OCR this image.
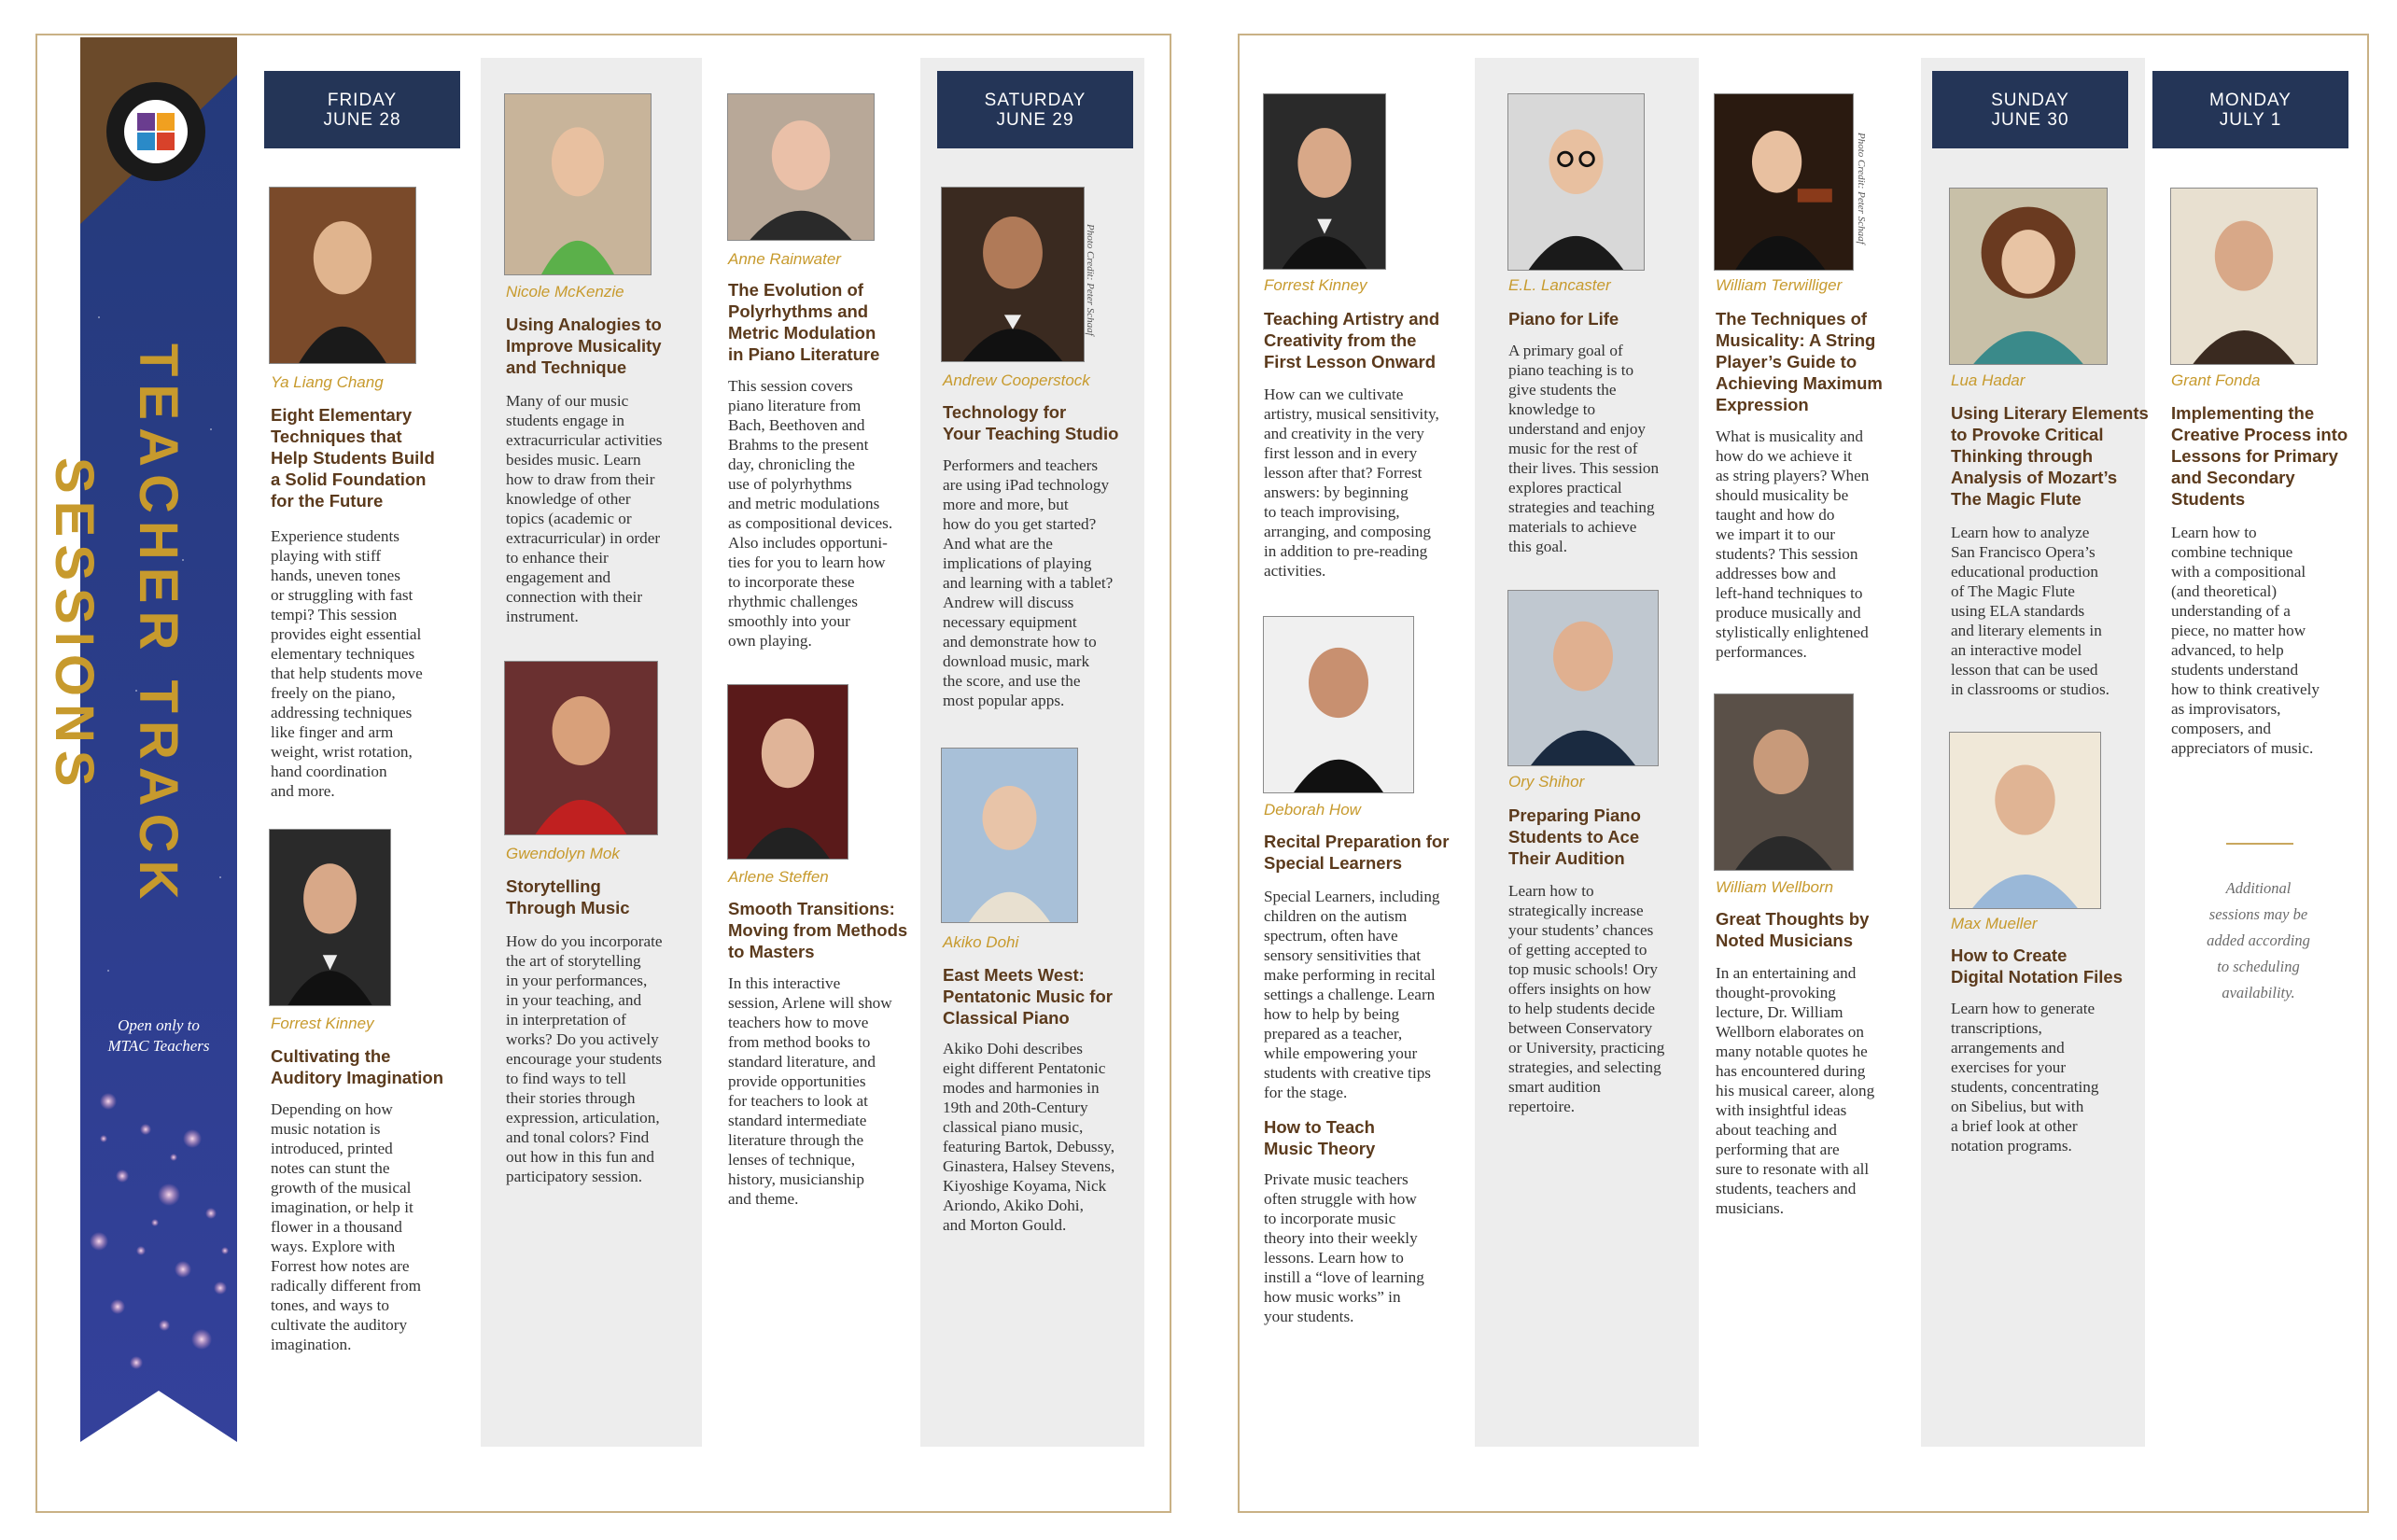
TEACHER TRACK SESSIONS
Open only to
MTAC Teachers
FRIDAY
JUNE 28
SATURDAY
JUNE 29
SUNDAY
JUNE 30
MONDAY
JULY 1
Photo Credit: Peter Schaaf
Photo Credit: Peter Schaaf
Ya Liang Chang
Eight Elementary
Techniques that
Help Students Build
a Solid Foundation
for the Future
Experience students
playing with stiff
hands, uneven tones
or struggling with fast
tempi? This session
provides eight essential
elementary techniques
that help students move
freely on the piano,
addressing techniques
like finger and arm
weight, wrist rotation,
hand coordination
and more.
Forrest Kinney
Cultivating the
Auditory Imagination
Depending on how
music notation is
introduced, printed
notes can stunt the
growth of the musical
imagination, or help it
flower in a thousand
ways. Explore with
Forrest how notes are
radically different from
tones, and ways to
cultivate the auditory
imagination.
Nicole McKenzie
Using Analogies to
Improve Musicality
and Technique
Many of our music
students engage in
extracurricular activities
besides music. Learn
how to draw from their
knowledge of other
topics (academic or
extracurricular) in order
to enhance their
engagement and
connection with their
instrument.
Gwendolyn Mok
Storytelling
Through Music
How do you incorporate
the art of storytelling
in your performances,
in your teaching, and
in interpretation of
works? Do you actively
encourage your students
to find ways to tell
their stories through
expression, articulation,
and tonal colors? Find
out how in this fun and
participatory session.
Anne Rainwater
The Evolution of
Polyrhythms and
Metric Modulation
in Piano Literature
This session covers
piano literature from
Bach, Beethoven and
Brahms to the present
day, chronicling the
use of polyrhythms
and metric modulations
as compositional devices.
Also includes opportuni-
ties for you to learn how
to incorporate these
rhythmic challenges
smoothly into your
own playing.
Arlene Steffen
Smooth Transitions:
Moving from Methods
to Masters
In this interactive
session, Arlene will show
teachers how to move
from method books to
standard literature, and
provide opportunities
for teachers to look at
standard intermediate
literature through the
lenses of technique,
history, musicianship
and theme.
Andrew Cooperstock
Technology for
Your Teaching Studio
Performers and teachers
are using iPad technology
more and more, but
how do you get started?
And what are the
implications of playing
and learning with a tablet?
Andrew will discuss
necessary equipment
and demonstrate how to
download music, mark
the score, and use the
most popular apps.
Akiko Dohi
East Meets West:
Pentatonic Music for
Classical Piano
Akiko Dohi describes
eight different Pentatonic
modes and harmonies in
19th and 20th-Century
classical piano music,
featuring Bartok, Debussy,
Ginastera, Halsey Stevens,
Kiyoshige Koyama, Nick
Ariondo, Akiko Dohi,
and Morton Gould.
Forrest Kinney
Teaching Artistry and
Creativity from the
First Lesson Onward
How can we cultivate
artistry, musical sensitivity,
and creativity in the very
first lesson and in every
lesson after that? Forrest
answers: by beginning
to teach improvising,
arranging, and composing
in addition to pre-reading
activities.
Deborah How
Recital Preparation for
Special Learners
Special Learners, including
children on the autism
spectrum, often have
sensory sensitivities that
make performing in recital
settings a challenge. Learn
how to help by being
prepared as a teacher,
while empowering your
students with creative tips
for the stage.
How to Teach
Music Theory
Private music teachers
often struggle with how
to incorporate music
theory into their weekly
lessons. Learn how to
instill a “love of learning
how music works” in
your students.
E.L. Lancaster
Piano for Life
A primary goal of
piano teaching is to
give students the
knowledge to
understand and enjoy
music for the rest of
their lives. This session
explores practical
strategies and teaching
materials to achieve
this goal.
Ory Shihor
Preparing Piano
Students to Ace
Their Audition
Learn how to
strategically increase
your students’ chances
of getting accepted to
top music schools! Ory
offers insights on how
to help students decide
between Conservatory
or University, practicing
strategies, and selecting
smart audition
repertoire.
William Terwilliger
The Techniques of
Musicality: A String
Player’s Guide to
Achieving Maximum
Expression
What is musicality and
how do we achieve it
as string players? When
should musicality be
taught and how do
we impart it to our
students? This session
addresses bow and
left-hand techniques to
produce musically and
stylistically enlightened
performances.
William Wellborn
Great Thoughts by
Noted Musicians
In an entertaining and
thought-provoking
lecture, Dr. William
Wellborn elaborates on
many notable quotes he
has encountered during
his musical career, along
with insightful ideas
about teaching and
performing that are
sure to resonate with all
students, teachers and
musicians.
Lua Hadar
Using Literary Elements
to Provoke Critical
Thinking through
Analysis of Mozart’s
The Magic Flute
Learn how to analyze
San Francisco Opera’s
educational production
of The Magic Flute
using ELA standards
and literary elements in
an interactive model
lesson that can be used
in classrooms or studios.
Max Mueller
How to Create
Digital Notation Files
Learn how to generate
transcriptions,
arrangements and
exercises for your
students, concentrating
on Sibelius, but with
a brief look at other
notation programs.
Grant Fonda
Implementing the
Creative Process into
Lessons for Primary
and Secondary
Students
Learn how to
combine technique
with a compositional
(and theoretical)
understanding of a
piece, no matter how
advanced, to help
students understand
how to think creatively
as improvisators,
composers, and
appreciators of music.
Additional
sessions may be
added according
to scheduling
availability.
